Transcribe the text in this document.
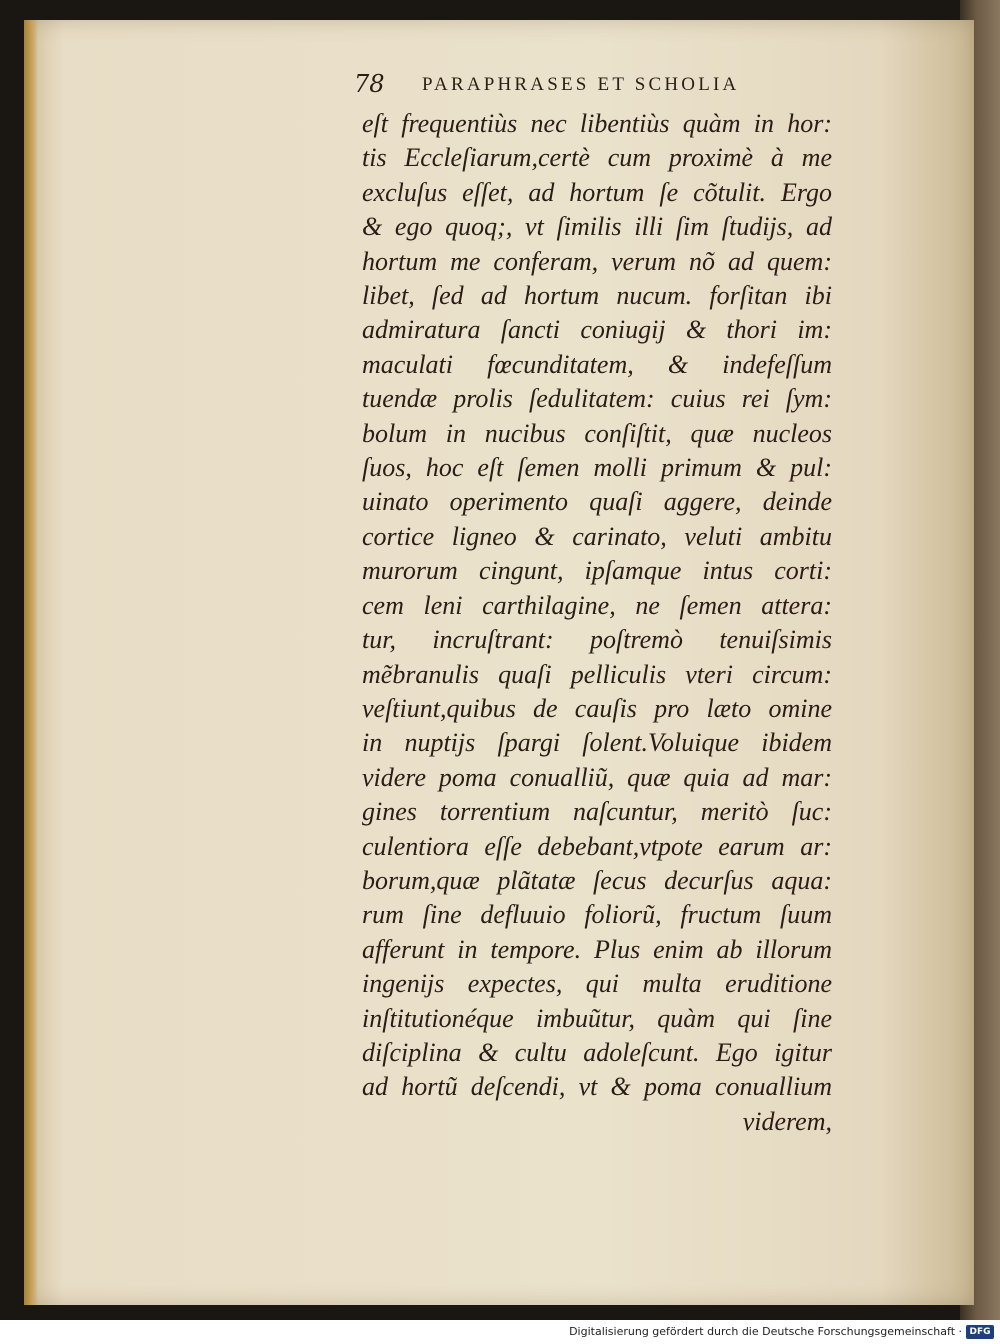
78 PARAPHRASES ET SCHOLIA
eſt frequentiùs nec libentiùs quàm in hor:
tis Eccleſiarum,certè cum proximè à me
excluſus eſſet, ad hortum ſe cõtulit. Ergo
& ego quoq;, vt ſimilis illi ſim ſtudijs, ad
hortum me conferam, verum nõ ad quem:
libet, ſed ad hortum nucum. forſitan ibi
admiratura ſancti coniugij & thori im:
maculati fœcunditatem, & indefeſſum
tuendæ prolis ſedulitatem: cuius rei ſym:
bolum in nucibus conſiſtit, quæ nucleos
ſuos, hoc eſt ſemen molli primum & pul:
uinato operimento quaſi aggere, deinde
cortice ligneo & carinato, veluti ambitu
murorum cingunt, ipſamque intus corti:
cem leni carthilagine, ne ſemen attera:
tur, incruſtrant: poſtremò tenuiſsimis
mẽbranulis quaſi pelliculis vteri circum:
veſtiunt,quibus de cauſis pro læto omine
in nuptijs ſpargi ſolent.Voluique ibidem
videre poma conualliũ, quæ quia ad mar:
gines torrentium naſcuntur, meritò ſuc:
culentiora eſſe debebant,vtpote earum ar:
borum,quæ plãtatæ ſecus decurſus aqua:
rum ſine defluuio foliorũ, fructum ſuum
afferunt in tempore. Plus enim ab illorum
ingenijs expectes, qui multa eruditione
inſtitutionéque imbuũtur, quàm qui ſine
diſciplina & cultu adoleſcunt. Ego igitur
ad hortũ deſcendi, vt & poma conuallium
viderem,
Digitalisierung gefördert durch die Deutsche Forschungsgemeinschaft · DFG
